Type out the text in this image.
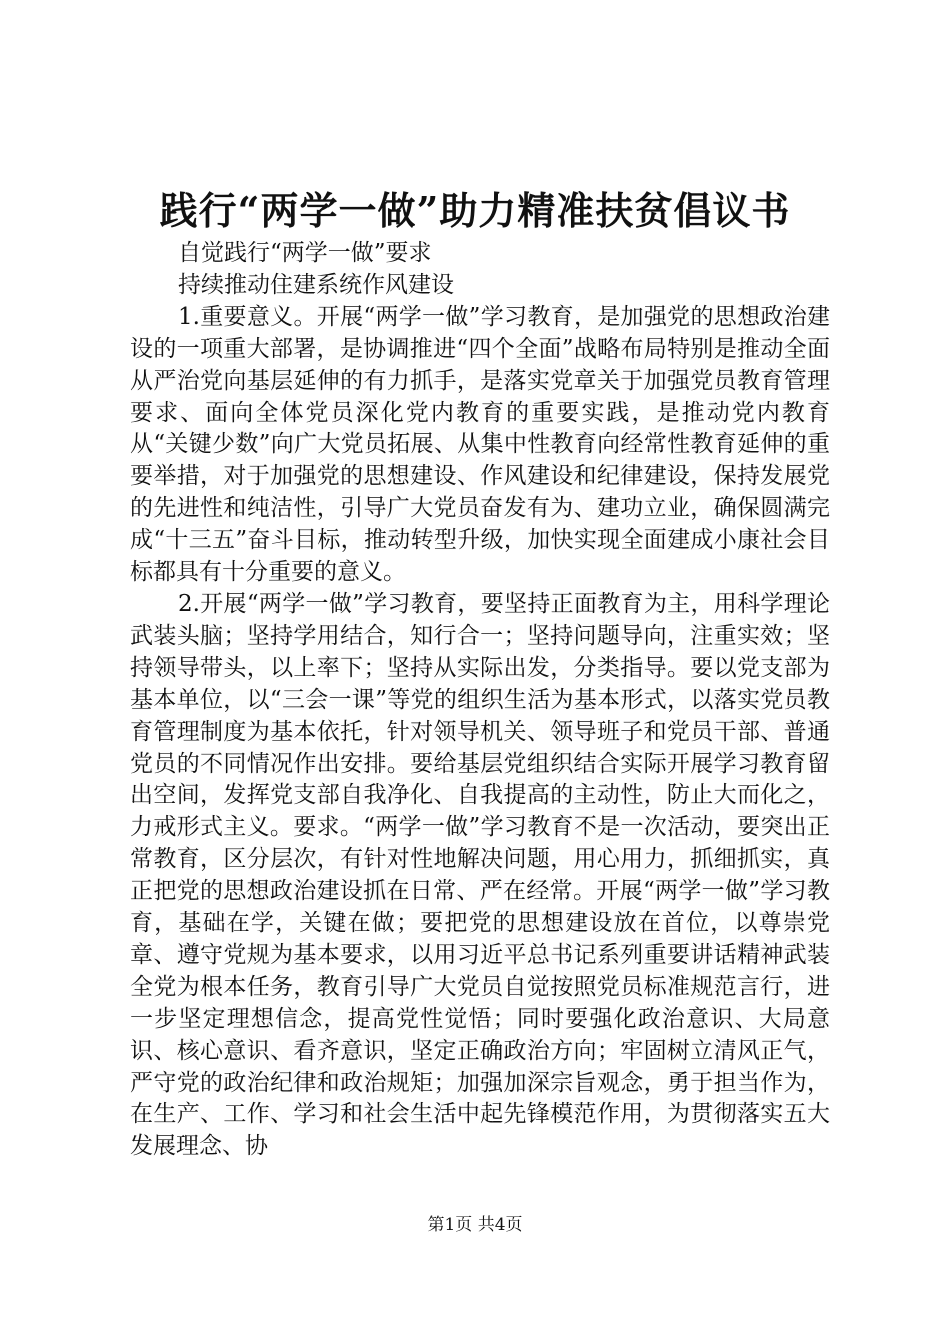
践行“两学一做”助力精准扶贫倡议书

自觉践行“两学一做”要求

持续推动住建系统作风建设

1.重要意义。开展“两学一做”学习教育，是加强党的思想政治建设的一项重大部署，是协调推进“四个全面”战略布局特别是推动全面从严治党向基层延伸的有力抓手，是落实党章关于加强党员教育管理要求、面向全体党员深化党内教育的重要实践，是推动党内教育从“关键少数”向广大党员拓展、从集中性教育向经常性教育延伸的重要举措，对于加强党的思想建设、作风建设和纪律建设，保持发展党的先进性和纯洁性，引导广大党员奋发有为、建功立业，确保圆满完成“十三五”奋斗目标，推动转型升级，加快实现全面建成小康社会目标都具有十分重要的意义。

2.开展“两学一做”学习教育，要坚持正面教育为主，用科学理论武装头脑；坚持学用结合，知行合一；坚持问题导向，注重实效；坚持领导带头，以上率下；坚持从实际出发，分类指导。要以党支部为基本单位，以“三会一课”等党的组织生活为基本形式，以落实党员教育管理制度为基本依托，针对领导机关、领导班子和党员干部、普通党员的不同情况作出安排。要给基层党组织结合实际开展学习教育留出空间，发挥党支部自我净化、自我提高的主动性，防止大而化之，力戒形式主义。要求。“两学一做”学习教育不是一次活动，要突出正常教育，区分层次，有针对性地解决问题，用心用力，抓细抓实，真正把党的思想政治建设抓在日常、严在经常。开展“两学一做”学习教育，基础在学，关键在做；要把党的思想建设放在首位，以尊崇党章、遵守党规为基本要求，以用习近平总书记系列重要讲话精神武装全党为根本任务，教育引导广大党员自觉按照党员标准规范言行，进一步坚定理想信念，提高党性觉悟；同时要强化政治意识、大局意识、核心意识、看齐意识，坚定正确政治方向；牢固树立清风正气，严守党的政治纪律和政治规矩；加强加深宗旨观念，勇于担当作为，在生产、工作、学习和社会生活中起先锋模范作用，为贯彻落实五大发展理念、协

第1页 共4页
